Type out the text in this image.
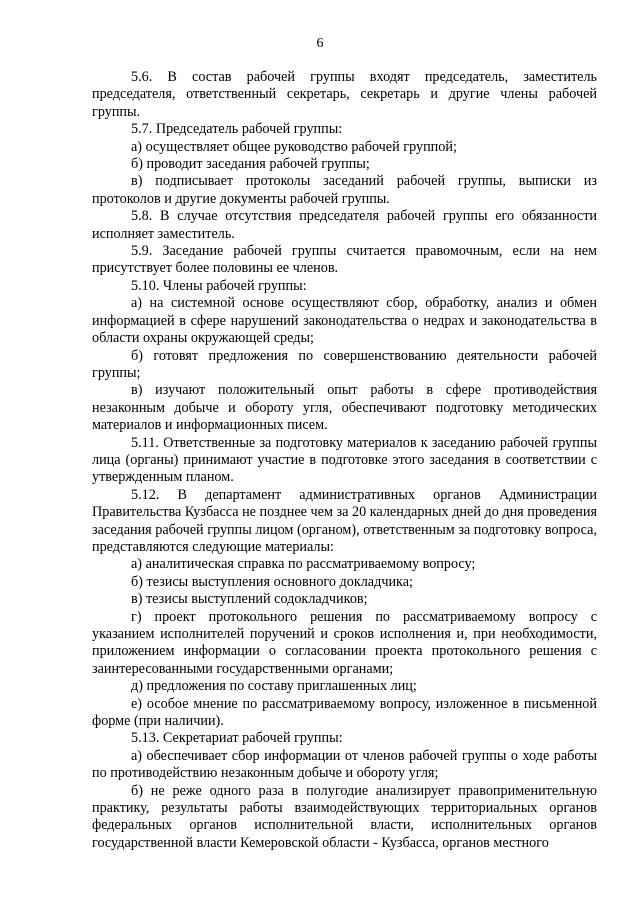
6

5.6. В состав рабочей группы входят председатель, заместитель председателя, ответственный секретарь, секретарь и другие члены рабочей группы.

5.7. Председатель рабочей группы:

а) осуществляет общее руководство рабочей группой;

б) проводит заседания рабочей группы;

в) подписывает протоколы заседаний рабочей группы, выписки из протоколов и другие документы рабочей группы.

5.8. В случае отсутствия председателя рабочей группы его обязанности исполняет заместитель.

5.9. Заседание рабочей группы считается правомочным, если на нем присутствует более половины ее членов.

5.10. Члены рабочей группы:

а) на системной основе осуществляют сбор, обработку, анализ и обмен информацией в сфере нарушений законодательства о недрах и законодательства в области охраны окружающей среды;

б) готовят предложения по совершенствованию деятельности рабочей группы;

в) изучают положительный опыт работы в сфере противодействия незаконным добыче и обороту угля, обеспечивают подготовку методических материалов и информационных писем.

5.11. Ответственные за подготовку материалов к заседанию рабочей группы лица (органы) принимают участие в подготовке этого заседания в соответствии с утвержденным планом.

5.12. В департамент административных органов Администрации Правительства Кузбасса не позднее чем за 20 календарных дней до дня проведения заседания рабочей группы лицом (органом), ответственным за подготовку вопроса, представляются следующие материалы:

а) аналитическая справка по рассматриваемому вопросу;

б) тезисы выступления основного докладчика;

в) тезисы выступлений содокладчиков;

г) проект протокольного решения по рассматриваемому вопросу с указанием исполнителей поручений и сроков исполнения и, при необходимости, приложением информации о согласовании проекта протокольного решения с заинтересованными государственными органами;

д) предложения по составу приглашенных лиц;

е) особое мнение по рассматриваемому вопросу, изложенное в письменной форме (при наличии).

5.13. Секретариат рабочей группы:

а) обеспечивает сбор информации от членов рабочей группы о ходе работы по противодействию незаконным добыче и обороту угля;

б) не реже одного раза в полугодие анализирует правоприменительную практику, результаты работы взаимодействующих территориальных органов федеральных органов исполнительной власти, исполнительных органов государственной власти Кемеровской области - Кузбасса, органов местного
